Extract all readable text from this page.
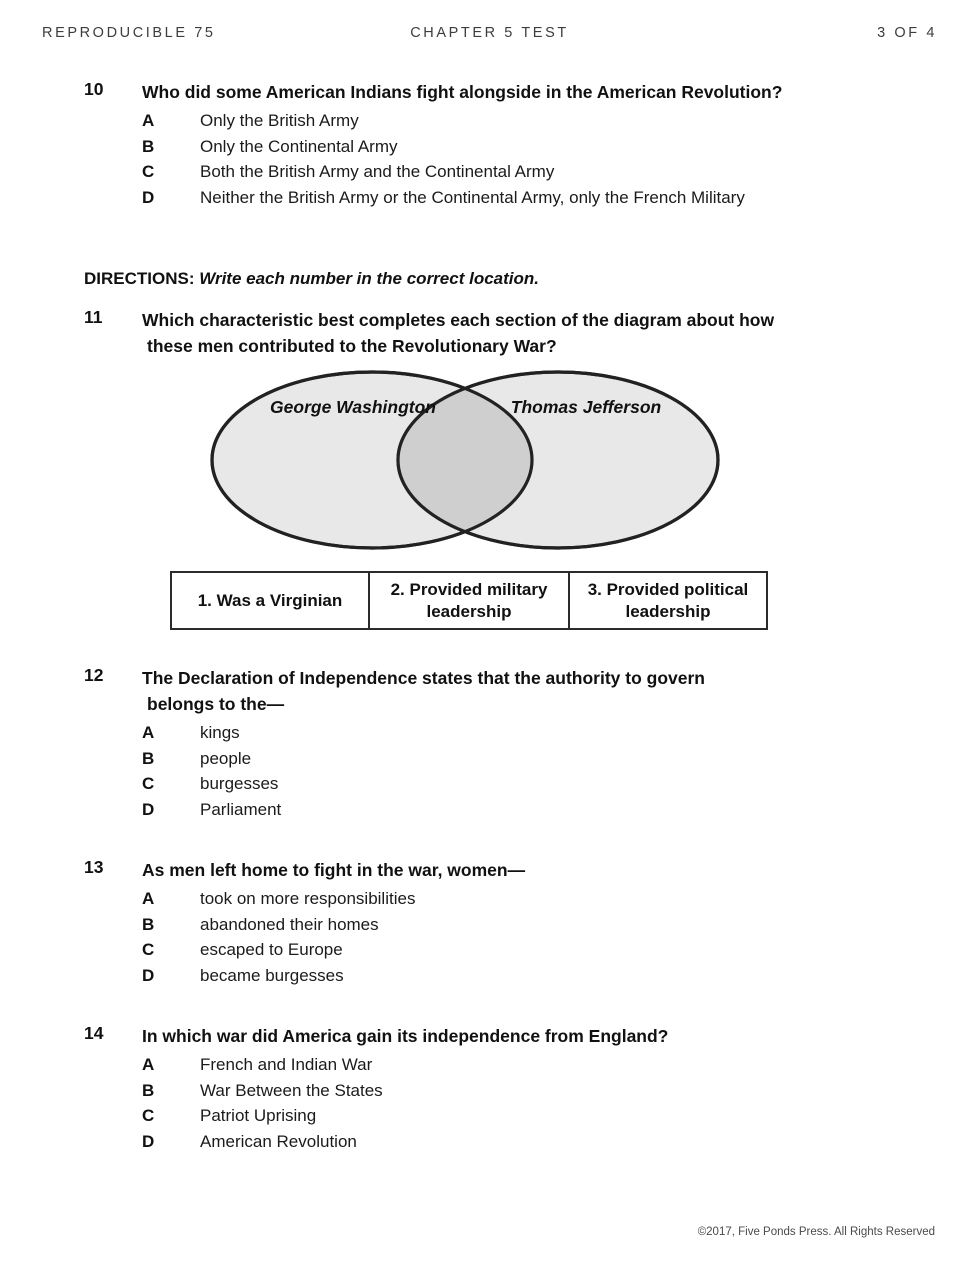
REPRODUCIBLE 75	CHAPTER 5 TEST	3 OF 4
10 Who did some American Indians fight alongside in the American Revolution?
A	Only the British Army
B	Only the Continental Army
C	Both the British Army and the Continental Army
D	Neither the British Army or the Continental Army, only the French Military
DIRECTIONS: Write each number in the correct location.
11 Which characteristic best completes each section of the diagram about how
these men contributed to the Revolutionary War?
George Washington	Thomas Jefferson
1. Was a Virginian
2. Provided military leadership
3. Provided political leadership
12 The Declaration of Independence states that the authority to govern
belongs to the—
A	kings
B	people
C	burgesses
D	Parliament
13 As men left home to fight in the war, women—
A	took on more responsibilities
B	abandoned their homes
C	escaped to Europe
D	became burgesses
14 In which war did America gain its independence from England?
A	French and Indian War
B	War Between the States
C	Patriot Uprising
D	American Revolution
©2017, Five Ponds Press. All Rights Reserved
